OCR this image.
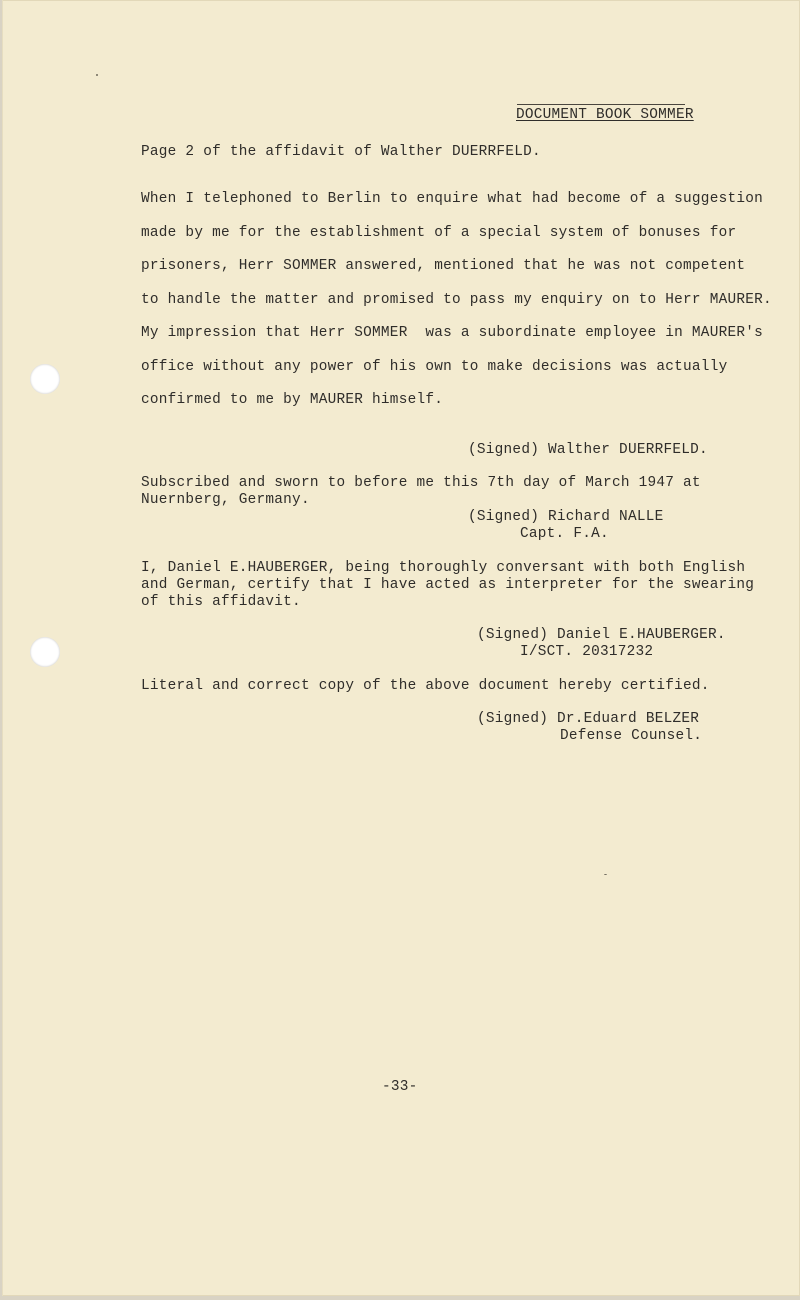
DOCUMENT BOOK SOMMER

Page 2 of the affidavit of Walther DUERRFELD.

When I telephoned to Berlin to enquire what had become of a suggestion

made by me for the establishment of a special system of bonuses for

prisoners, Herr SOMMER answered, mentioned that he was not competent

to handle the matter and promised to pass my enquiry on to Herr MAURER.

My impression that Herr SOMMER  was a subordinate employee in MAURER's

office without any power of his own to make decisions was actually

confirmed to me by MAURER himself.

(Signed) Walther DUERRFELD.

Subscribed and sworn to before me this 7th day of March 1947 at

Nuernberg, Germany.

(Signed) Richard NALLE

Capt. F.A.

I, Daniel E.HAUBERGER, being thoroughly conversant with both English

and German, certify that I have acted as interpreter for the swearing

of this affidavit.

(Signed) Daniel E.HAUBERGER.

I/SCT. 20317232

Literal and correct copy of the above document hereby certified.

(Signed) Dr.Eduard BELZER

Defense Counsel.

-33-
